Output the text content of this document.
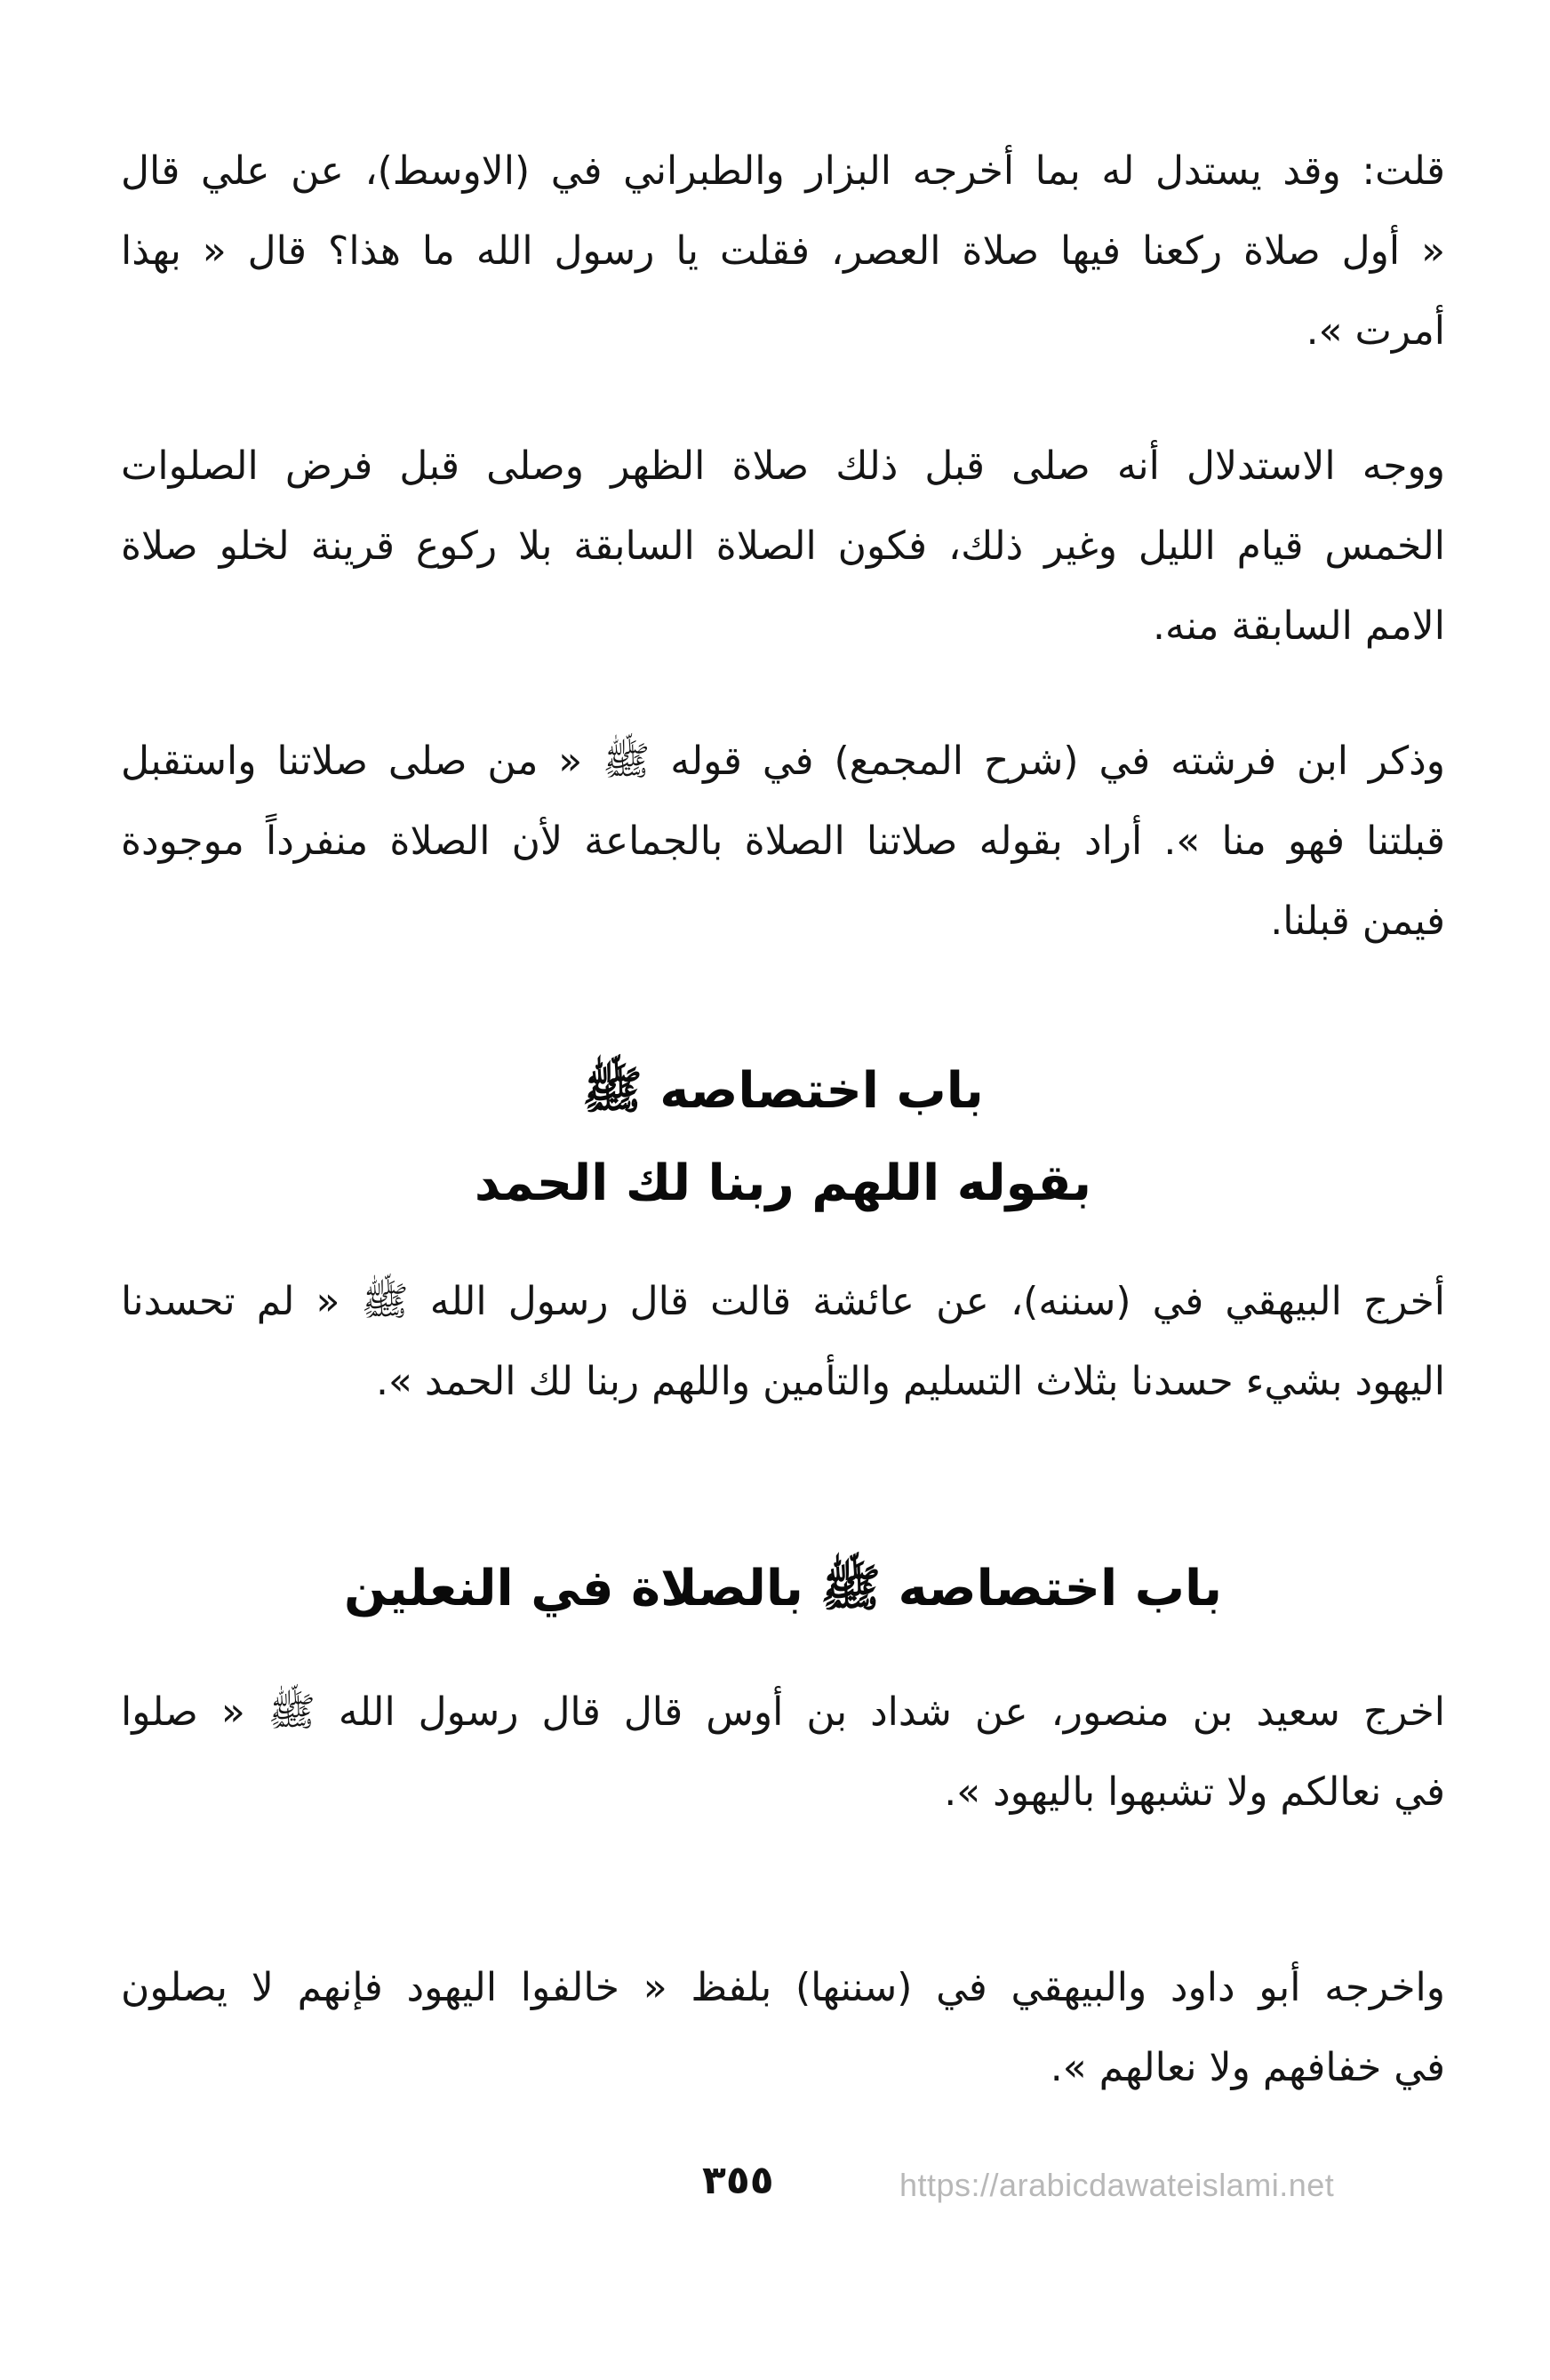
قلت: وقد يستدل له بما أخرجه البزار والطبراني في (الاوسط)، عن علي قال
« أول صلاة ركعنا فيها صلاة العصر، فقلت يا رسول الله ما هذا؟ قال « بهذا
أمرت ».
ووجه الاستدلال أنه صلى قبل ذلك صلاة الظهر وصلى قبل فرض الصلوات
الخمس قيام الليل وغير ذلك، فكون الصلاة السابقة بلا ركوع قرينة لخلو صلاة
الامم السابقة منه.
وذكر ابن فرشته في (شرح المجمع) في قوله ﷺ « من صلى صلاتنا واستقبل
قبلتنا فهو منا ». أراد بقوله صلاتنا الصلاة بالجماعة لأن الصلاة منفرداً موجودة
فيمن قبلنا.
باب اختصاصه ﷺ
بقوله اللهم ربنا لك الحمد
أخرج البيهقي في (سننه)، عن عائشة قالت قال رسول الله ﷺ « لم تحسدنا
اليهود بشيء حسدنا بثلاث التسليم والتأمين واللهم ربنا لك الحمد ».
باب اختصاصه ﷺ بالصلاة في النعلين
اخرج سعيد بن منصور، عن شداد بن أوس قال قال رسول الله ﷺ « صلوا
في نعالكم ولا تشبهوا باليهود ».
واخرجه أبو داود والبيهقي في (سننها) بلفظ « خالفوا اليهود فإنهم لا يصلون
في خفافهم ولا نعالهم ».
٣٥٥	https://arabicdawateislami.net
